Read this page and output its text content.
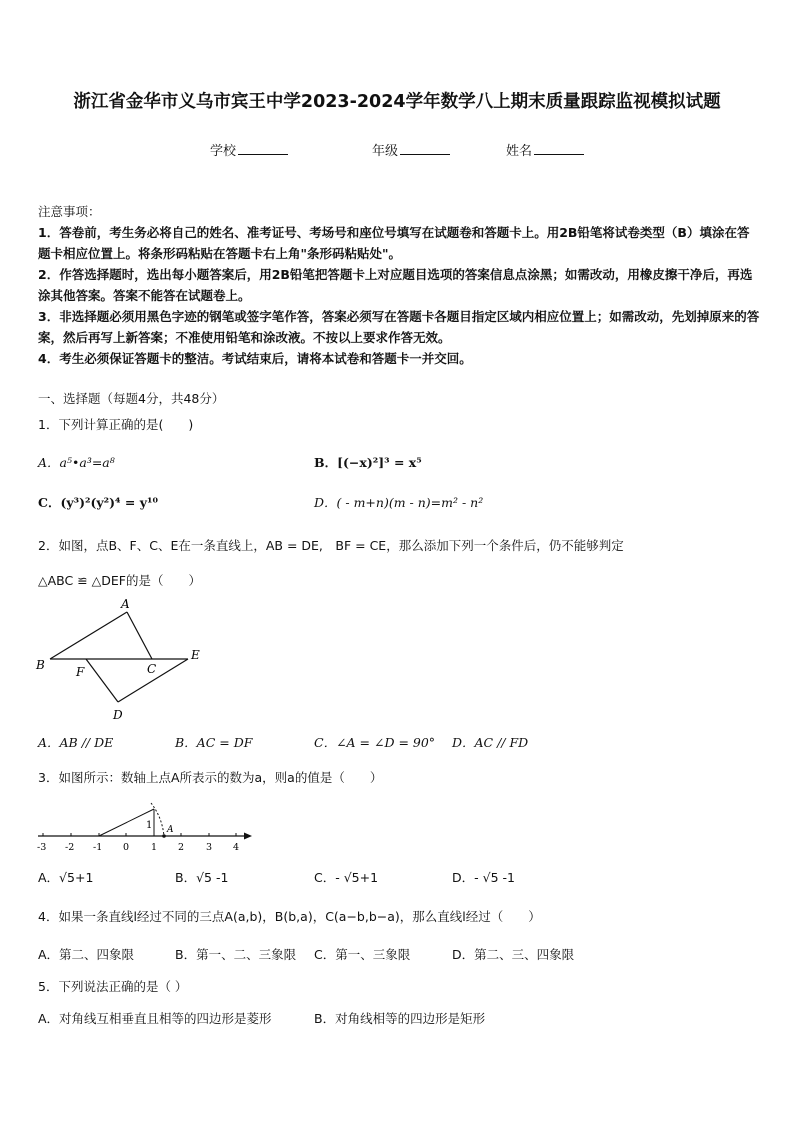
浙江省金华市义乌市宾王中学2023-2024学年数学八上期末质量跟踪监视模拟试题
学校	年级	姓名
注意事项：
1．答卷前，考生务必将自己的姓名、准考证号、考场号和座位号填写在试题卷和答题卡上。用2B铅笔将试卷类型（B）填涂在答题卡相应位置上。将条形码粘贴在答题卡右上角"条形码粘贴处"。
2．作答选择题时，选出每小题答案后，用2B铅笔把答题卡上对应题目选项的答案信息点涂黑；如需改动，用橡皮擦干净后，再选涂其他答案。答案不能答在试题卷上。
3．非选择题必须用黑色字迹的钢笔或签字笔作答，答案必须写在答题卡各题目指定区域内相应位置上；如需改动，先划掉原来的答案，然后再写上新答案；不准使用铅笔和涂改液。不按以上要求作答无效。
4．考生必须保证答题卡的整洁。考试结束后，请将本试卷和答题卡一并交回。
一、选择题（每题4分，共48分）
1．下列计算正确的是(　　)
A．a⁵•a³=a⁸	B．[(−x)²]³ = x⁵
C．(y³)²(y²)⁴ = y¹⁰	D．( - m+n)(m - n)=m² - n²
2．如图，点B、F、C、E在一条直线上，AB = DE,　BF = CE，那么添加下列一个条件后，仍不能够判定
△ABC ≌ △DEF的是（　　）
A
B	F	C
E
D
A．AB // DE	B．AC = DF	C．∠A = ∠D = 90° D．AC // FD
3．如图所示：数轴上点A所表示的数为a，则a的值是（　　）
1 A
-3 -2 -1 0 1 2 3 4
A．√5+1	B．√5 -1	C．- √5+1	D．- √5 -1
4．如果一条直线l经过不同的三点A(a,b)，B(b,a)，C(a−b,b−a)，那么直线l经过（　　）
A．第二、四象限	B．第一、二、三象限 C．第一、三象限	D．第二、三、四象限
5．下列说法正确的是（ ）
A．对角线互相垂直且相等的四边形是菱形	B．对角线相等的四边形是矩形
